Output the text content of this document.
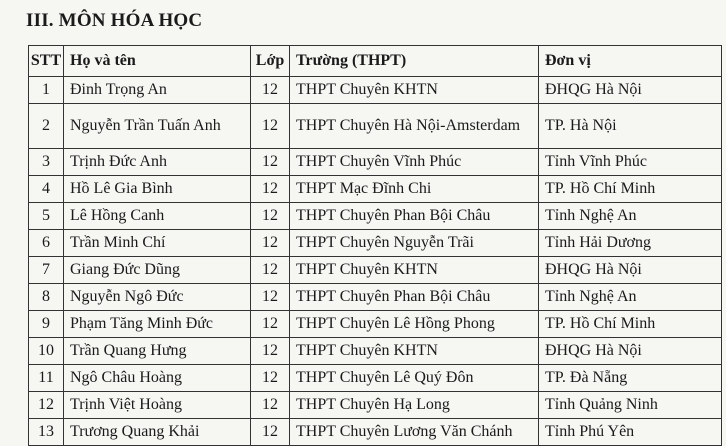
III. MÔN HÓA HỌC
STT	Họ và tên	Lớp	Trường (THPT)	Đơn vị
1	Đinh Trọng An	12	THPT Chuyên KHTN	ĐHQG Hà Nội
2	Nguyễn Trần Tuấn Anh	12	THPT Chuyên Hà Nội-Amsterdam	TP. Hà Nội
3	Trịnh Đức Anh	12	THPT Chuyên Vĩnh Phúc	Tỉnh Vĩnh Phúc
4	Hồ Lê Gia Bình	12	THPT Mạc Đĩnh Chi	TP. Hồ Chí Minh
5	Lê Hồng Canh	12	THPT Chuyên Phan Bội Châu	Tỉnh Nghệ An
6	Trần Minh Chí	12	THPT Chuyên Nguyễn Trãi	Tỉnh Hải Dương
7	Giang Đức Dũng	12	THPT Chuyên KHTN	ĐHQG Hà Nội
8	Nguyễn Ngô Đức	12	THPT Chuyên Phan Bội Châu	Tỉnh Nghệ An
9	Phạm Tăng Minh Đức	12	THPT Chuyên Lê Hồng Phong	TP. Hồ Chí Minh
10	Trần Quang Hưng	12	THPT Chuyên KHTN	ĐHQG Hà Nội
11	Ngô Châu Hoàng	12	THPT Chuyên Lê Quý Đôn	TP. Đà Nẵng
12	Trịnh Việt Hoàng	12	THPT Chuyên Hạ Long	Tỉnh Quảng Ninh
13	Trương Quang Khải	12	THPT Chuyên Lương Văn Chánh	Tỉnh Phú Yên
